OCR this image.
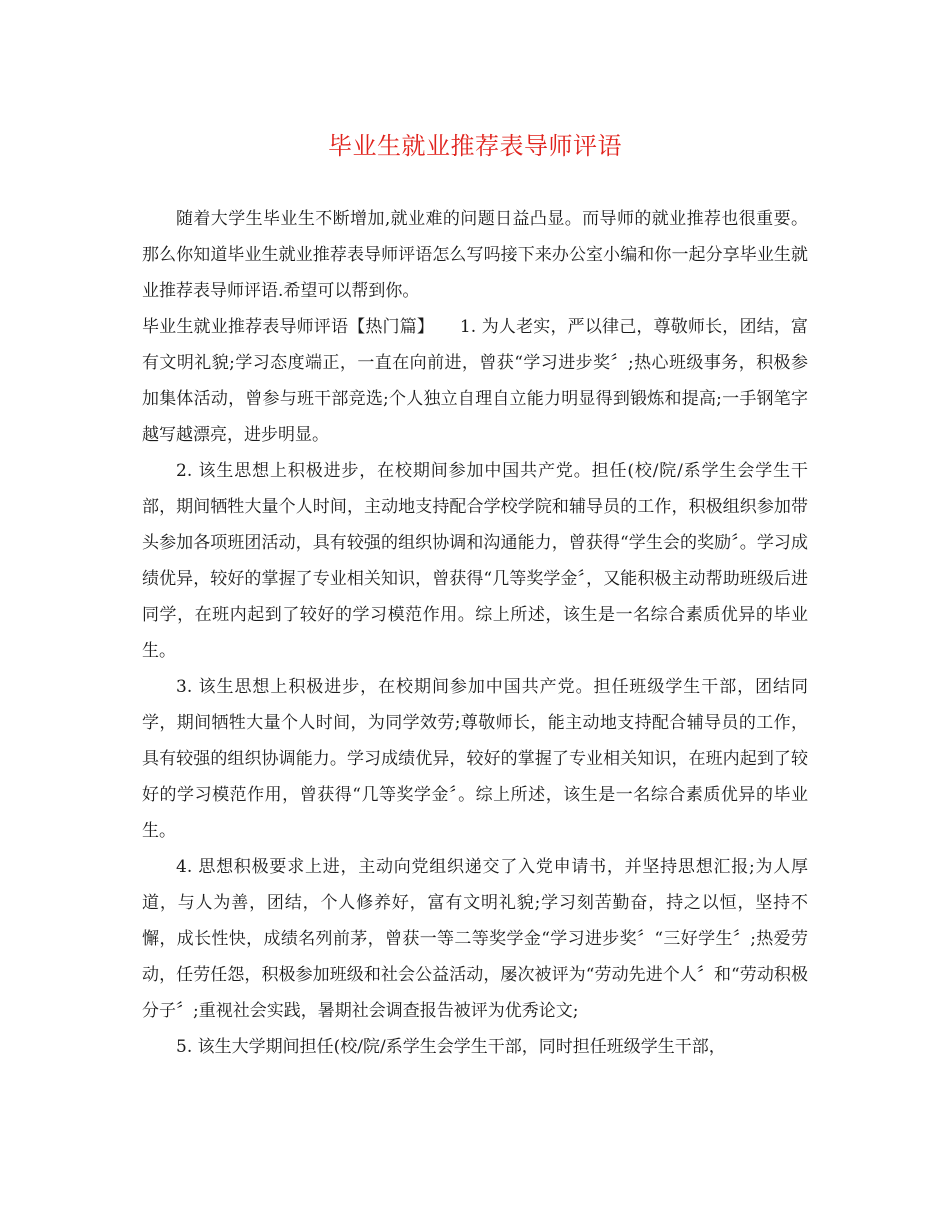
毕业生就业推荐表导师评语

随着大学生毕业生不断增加,就业难的问题日益凸显。而导师的就业推荐也很重要。那么你知道毕业生就业推荐表导师评语怎么写吗接下来办公室小编和你一起分享毕业生就业推荐表导师评语.希望可以帮到你。

毕业生就业推荐表导师评语【热门篇】　　1. 为人老实，严以律己，尊敬师长，团结，富有文明礼貌;学习态度端正，一直在向前进，曾获“学习进步奖〞;热心班级事务，积极参加集体活动，曾参与班干部竞选;个人独立自理自立能力明显得到锻炼和提高;一手钢笔字越写越漂亮，进步明显。

2. 该生思想上积极进步，在校期间参加中国共产党。担任(校/院/系学生会学生干部，期间牺牲大量个人时间，主动地支持配合学校学院和辅导员的工作，积极组织参加带头参加各项班团活动，具有较强的组织协调和沟通能力，曾获得“学生会的奖励〞。学习成绩优异，较好的掌握了专业相关知识，曾获得“几等奖学金〞，又能积极主动帮助班级后进同学，在班内起到了较好的学习模范作用。综上所述，该生是一名综合素质优异的毕业生。

3. 该生思想上积极进步，在校期间参加中国共产党。担任班级学生干部，团结同学，期间牺牲大量个人时间，为同学效劳;尊敬师长，能主动地支持配合辅导员的工作，具有较强的组织协调能力。学习成绩优异，较好的掌握了专业相关知识，在班内起到了较好的学习模范作用，曾获得“几等奖学金〞。综上所述，该生是一名综合素质优异的毕业生。

4. 思想积极要求上进，主动向党组织递交了入党申请书，并坚持思想汇报;为人厚道，与人为善，团结，个人修养好，富有文明礼貌;学习刻苦勤奋，持之以恒，坚持不懈，成长性快，成绩名列前茅，曾获一等二等奖学金“学习进步奖〞“三好学生〞;热爱劳动，任劳任怨，积极参加班级和社会公益活动，屡次被评为“劳动先进个人〞和“劳动积极分子〞;重视社会实践，暑期社会调查报告被评为优秀论文;

5. 该生大学期间担任(校/院/系学生会学生干部，同时担任班级学生干部，
